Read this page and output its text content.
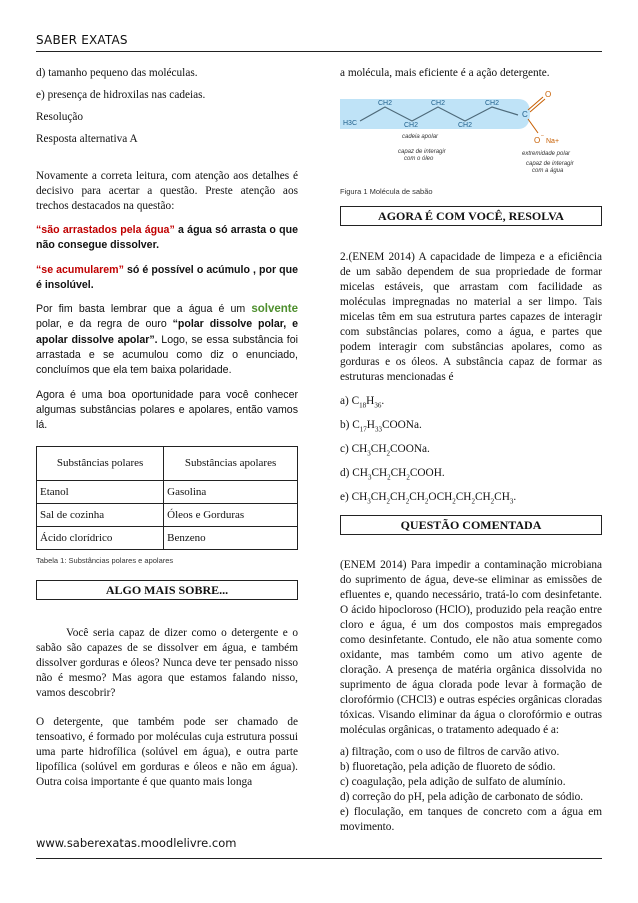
SABER EXATAS

d) tamanho pequeno das moléculas.

e) presença de hidroxilas nas cadeias.

Resolução

Resposta alternativa A

Novamente a correta leitura, com atenção aos detalhes é decisivo para acertar a questão. Preste atenção aos trechos destacados na questão:

“são arrastados pela água” a água só arrasta o que não consegue dissolver.

“se acumularem” só é possível o acúmulo , por que é insolúvel.

Por fim basta lembrar que a água é um solvente polar, e da regra de ouro “polar dissolve polar, e apolar dissolve apolar”. Logo, se essa substância foi arrastada e se acumulou como diz o enunciado, concluímos que ela tem baixa polaridade.

Agora é uma boa oportunidade para você conhecer algumas substâncias polares e apolares, então vamos lá.

Substâncias polares	Substâncias apolares
Etanol	Gasolina
Sal de cozinha	Óleos e Gorduras
Ácido clorídrico	Benzeno

Tabela 1: Substâncias polares e apolares

ALGO MAIS SOBRE...

Você seria capaz de dizer como o detergente e o sabão são capazes de se dissolver em água, e também dissolver gorduras e óleos? Nunca deve ter pensado nisso não é mesmo? Mas agora que estamos falando nisso, vamos descobrir?

O detergente, que também pode ser chamado de tensoativo, é formado por moléculas cuja estrutura possui uma parte hidrofílica (solúvel em água), e outra parte lipofílica (solúvel em gorduras e óleos e não em água). Outra coisa importante é que quanto mais longa

a molécula, mais eficiente é a ação detergente.

H3C
CH2
CH2
CH2
CH2
CH2
C
O
O –
Na+
cadeia apolar
capaz de interagir
com o óleo
extremidade polar
capaz de interagir
com a água

Figura 1 Molécula de sabão

AGORA É COM VOCÊ, RESOLVA

2.(ENEM 2014) A capacidade de limpeza e a eficiência de um sabão dependem de sua propriedade de formar micelas estáveis, que arrastam com facilidade as moléculas impregnadas no material a ser limpo. Tais micelas têm em sua estrutura partes capazes de interagir com substâncias polares, como a água, e partes que podem interagir com substâncias apolares, como as gorduras e os óleos. A substância capaz de formar as estruturas mencionadas é

a) $C_{18}H_{36}$.

b) $C_{17}H_{33}COONa$.

c) $CH_3CH_2COONa$.

d) $CH_3CH_2CH_2COOH$.

e) $CH_3CH_2CH_2CH_2OCH_2CH_2CH_2CH_3$.

QUESTÃO COMENTADA

(ENEM 2014) Para impedir a contaminação microbiana do suprimento de água, deve-se eliminar as emissões de efluentes e, quando necessário, tratá-lo com desinfetante. O ácido hipocloroso (HClO), produzido pela reação entre cloro e água, é um dos compostos mais empregados como desinfetante. Contudo, ele não atua somente como oxidante, mas também como um ativo agente de cloração. A presença de matéria orgânica dissolvida no suprimento de água clorada pode levar à formação de clorofórmio (CHCl3) e outras espécies orgânicas cloradas tóxicas. Visando eliminar da água o clorofórmio e outras moléculas orgânicas, o tratamento adequado é a:

a) filtração, com o uso de filtros de carvão ativo.

b) fluoretação, pela adição de fluoreto de sódio.

c) coagulação, pela adição de sulfato de alumínio.

d) correção do pH, pela adição de carbonato de sódio.

e) floculação, em tanques de concreto com a água em movimento.

www.saberexatas.moodlelivre.com
